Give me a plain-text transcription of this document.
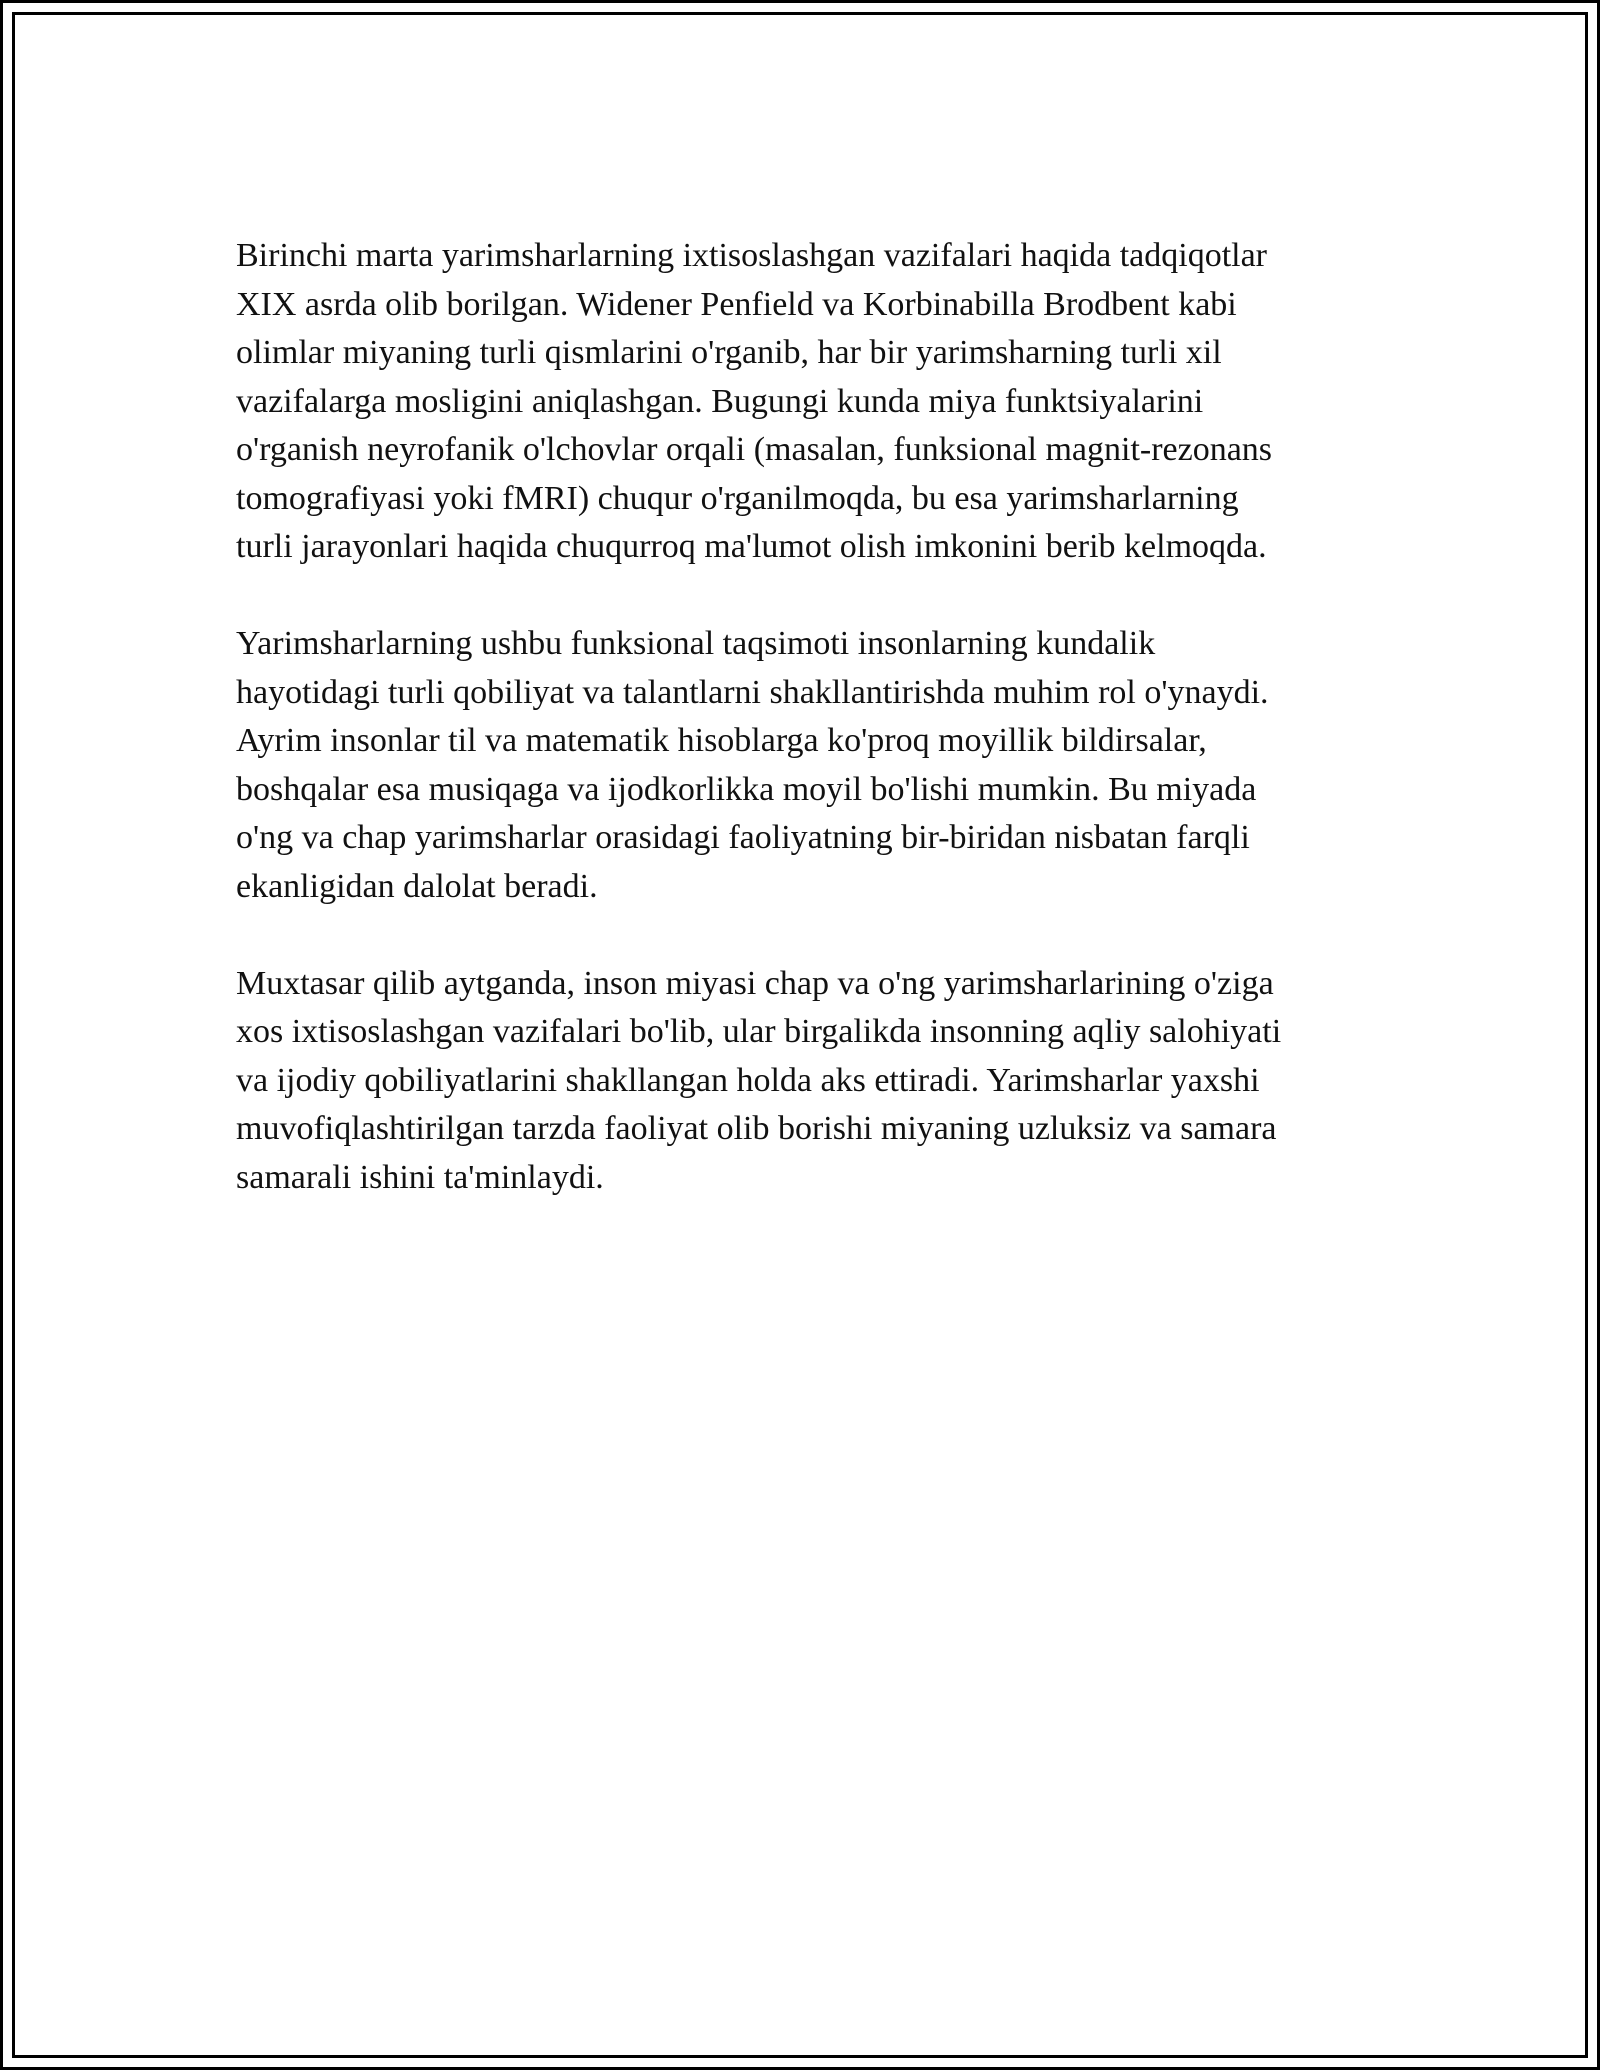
Birinchi marta yarimsharlarning ixtisoslashgan vazifalari haqida tadqiqotlar
XIX asrda olib borilgan. Widener Penfield va Korbinabilla Brodbent kabi
olimlar miyaning turli qismlarini o'rganib, har bir yarimsharning turli xil
vazifalarga mosligini aniqlashgan. Bugungi kunda miya funktsiyalarini
o'rganish neyrofanik o'lchovlar orqali (masalan, funksional magnit-rezonans
tomografiyasi yoki fMRI) chuqur o'rganilmoqda, bu esa yarimsharlarning
turli jarayonlari haqida chuqurroq ma'lumot olish imkonini berib kelmoqda.
Yarimsharlarning ushbu funksional taqsimoti insonlarning kundalik
hayotidagi turli qobiliyat va talantlarni shakllantirishda muhim rol o'ynaydi.
Ayrim insonlar til va matematik hisoblarga ko'proq moyillik bildirsalar,
boshqalar esa musiqaga va ijodkorlikka moyil bo'lishi mumkin. Bu miyada
o'ng va chap yarimsharlar orasidagi faoliyatning bir-biridan nisbatan farqli
ekanligidan dalolat beradi.
Muxtasar qilib aytganda, inson miyasi chap va o'ng yarimsharlarining o'ziga
xos ixtisoslashgan vazifalari bo'lib, ular birgalikda insonning aqliy salohiyati
va ijodiy qobiliyatlarini shakllangan holda aks ettiradi. Yarimsharlar yaxshi
muvofiqlashtirilgan tarzda faoliyat olib borishi miyaning uzluksiz va samara
samarali ishini ta'minlaydi.
